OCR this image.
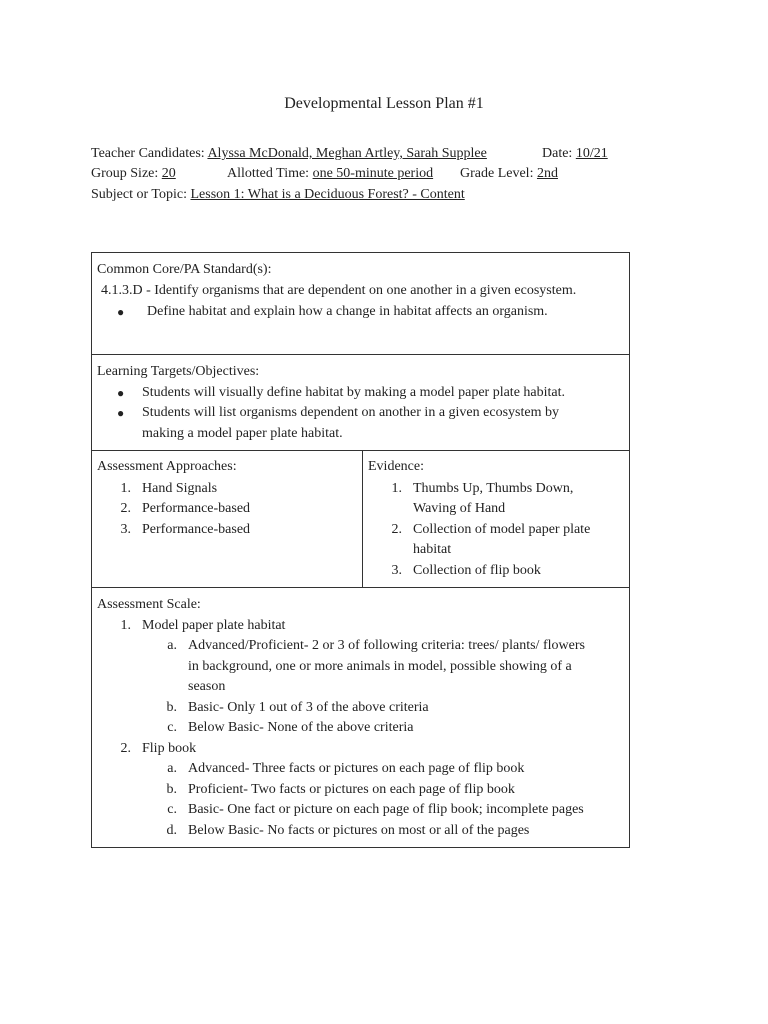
Developmental Lesson Plan #1
Teacher Candidates: Alyssa McDonald, Meghan Artley, Sarah Supplee	Date: 10/21
Group Size: 20	Allotted Time: one 50-minute period Grade Level: 2nd
Subject or Topic: Lesson 1: What is a Deciduous Forest? - Content
Common Core/PA Standard(s):
4.1.3.D - Identify organisms that are dependent on one another in a given ecosystem.
● Define habitat and explain how a change in habitat affects an organism.
Learning Targets/Objectives:
● Students will visually define habitat by making a model paper plate habitat.
● Students will list organisms dependent on another in a given ecosystem by
making a model paper plate habitat.
Assessment Approaches:
1. Hand Signals
2. Performance-based
3. Performance-based
Evidence:
1. Thumbs Up, Thumbs Down,
Waving of Hand
2. Collection of model paper plate
habitat
3. Collection of flip book
Assessment Scale:
1. Model paper plate habitat
a. Advanced/Proficient- 2 or 3 of following criteria: trees/ plants/ flowers
in background, one or more animals in model, possible showing of a
season
b. Basic- Only 1 out of 3 of the above criteria
c. Below Basic- None of the above criteria
2. Flip book
a. Advanced- Three facts or pictures on each page of flip book
b. Proficient- Two facts or pictures on each page of flip book
c. Basic- One fact or picture on each page of flip book; incomplete pages
d. Below Basic- No facts or pictures on most or all of the pages
